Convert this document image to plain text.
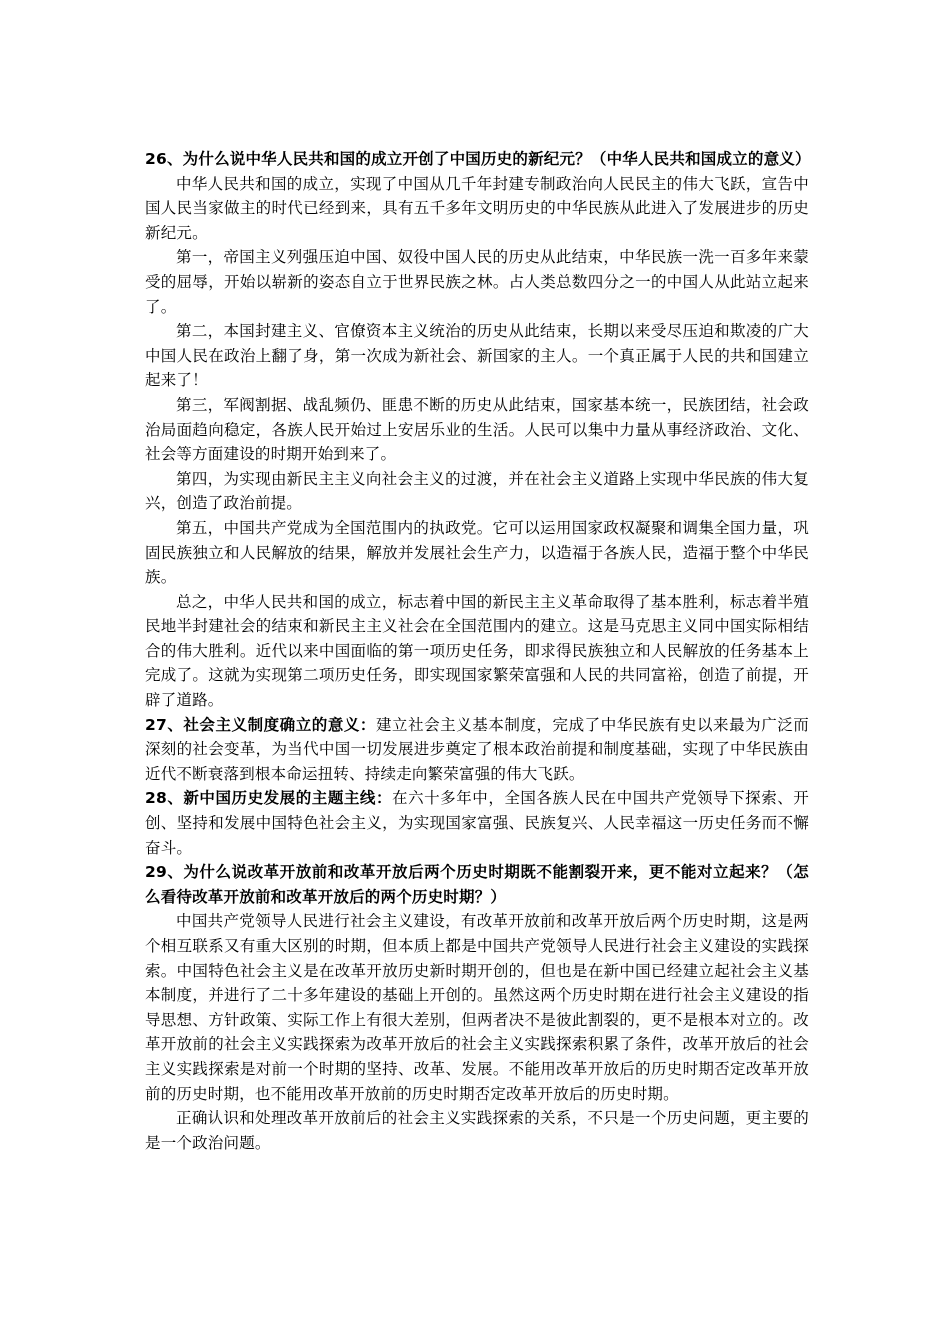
26、为什么说中华人民共和国的成立开创了中国历史的新纪元？（中华人民共和国成立的意义）

中华人民共和国的成立，实现了中国从几千年封建专制政治向人民民主的伟大飞跃，宣告中国人民当家做主的时代已经到来，具有五千多年文明历史的中华民族从此进入了发展进步的历史新纪元。

第一，帝国主义列强压迫中国、奴役中国人民的历史从此结束，中华民族一洗一百多年来蒙受的屈辱，开始以崭新的姿态自立于世界民族之林。占人类总数四分之一的中国人从此站立起来了。

第二，本国封建主义、官僚资本主义统治的历史从此结束，长期以来受尽压迫和欺凌的广大中国人民在政治上翻了身，第一次成为新社会、新国家的主人。一个真正属于人民的共和国建立起来了！

第三，军阀割据、战乱频仍、匪患不断的历史从此结束，国家基本统一，民族团结，社会政治局面趋向稳定，各族人民开始过上安居乐业的生活。人民可以集中力量从事经济政治、文化、社会等方面建设的时期开始到来了。

第四，为实现由新民主主义向社会主义的过渡，并在社会主义道路上实现中华民族的伟大复兴，创造了政治前提。

第五，中国共产党成为全国范围内的执政党。它可以运用国家政权凝聚和调集全国力量，巩固民族独立和人民解放的结果，解放并发展社会生产力，以造福于各族人民，造福于整个中华民族。

总之，中华人民共和国的成立，标志着中国的新民主主义革命取得了基本胜利，标志着半殖民地半封建社会的结束和新民主主义社会在全国范围内的建立。这是马克思主义同中国实际相结合的伟大胜利。近代以来中国面临的第一项历史任务，即求得民族独立和人民解放的任务基本上完成了。这就为实现第二项历史任务，即实现国家繁荣富强和人民的共同富裕，创造了前提，开辟了道路。

27、社会主义制度确立的意义：建立社会主义基本制度，完成了中华民族有史以来最为广泛而深刻的社会变革，为当代中国一切发展进步奠定了根本政治前提和制度基础，实现了中华民族由近代不断衰落到根本命运扭转、持续走向繁荣富强的伟大飞跃。

28、新中国历史发展的主题主线：在六十多年中，全国各族人民在中国共产党领导下探索、开创、坚持和发展中国特色社会主义，为实现国家富强、民族复兴、人民幸福这一历史任务而不懈奋斗。

29、为什么说改革开放前和改革开放后两个历史时期既不能割裂开来，更不能对立起来？（怎么看待改革开放前和改革开放后的两个历史时期？）

中国共产党领导人民进行社会主义建设，有改革开放前和改革开放后两个历史时期，这是两个相互联系又有重大区别的时期，但本质上都是中国共产党领导人民进行社会主义建设的实践探索。中国特色社会主义是在改革开放历史新时期开创的，但也是在新中国已经建立起社会主义基本制度，并进行了二十多年建设的基础上开创的。虽然这两个历史时期在进行社会主义建设的指导思想、方针政策、实际工作上有很大差别，但两者决不是彼此割裂的，更不是根本对立的。改革开放前的社会主义实践探索为改革开放后的社会主义实践探索积累了条件，改革开放后的社会主义实践探索是对前一个时期的坚持、改革、发展。不能用改革开放后的历史时期否定改革开放前的历史时期，也不能用改革开放前的历史时期否定改革开放后的历史时期。

正确认识和处理改革开放前后的社会主义实践探索的关系，不只是一个历史问题，更主要的是一个政治问题。
